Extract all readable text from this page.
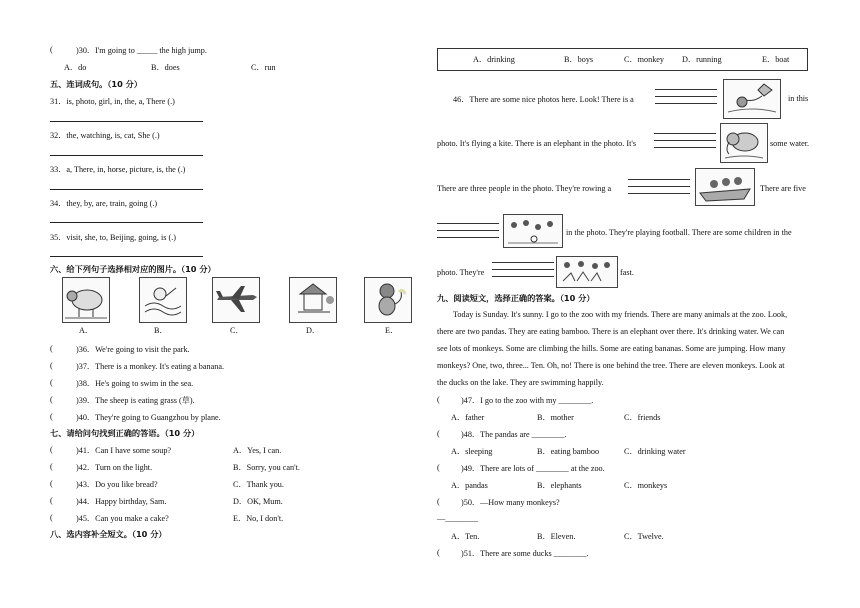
(	)30．I'm going to _____ the high jump.
A．do	B．does	C．run
五、连词成句。（10 分）
31．is, photo, girl, in, the, a, There (.)
32．the, watching, is, cat, She (.)
33．a, There, in, horse, picture, is, the (.)
34．they, by, are, train, going (.)
35．visit, she, to, Beijing, going, is (.)
六、给下列句子选择相对应的图片。（10 分）
A．	B．	C．	D．	E．
(	)36．We're going to visit the park.
(	)37．There is a monkey. It's eating a banana.
(	)38．He's going to swim in the sea.
(	)39．The sheep is eating grass (草).
(	)40．They're going to Guangzhou by plane.
七、请给问句找到正确的答语。（10 分）
(	)41．Can I have some soup?	A．Yes, I can.
(	)42．Turn on the light.	B．Sorry, you can't.
(	)43．Do you like bread?	C．Thank you.
(	)44．Happy birthday, Sam.	D．OK, Mum.
(	)45．Can you make a cake?	E．No, I don't.
八、选内容补全短文。（10 分）
A．drinking	B．boys	C．monkey D．running	E．boat
46．There are some nice photos here. Look! There is a	in this
photo. It's flying a kite. There is an elephant in the photo. It's	some water.
There are three people in the photo. They're rowing a	There are five
in the photo. They're playing football. There are some children in the
photo. They're	fast.
九、阅读短文，选择正确的答案。（10 分）
Today is Sunday. It's sunny. I go to the zoo with my friends. There are many animals at the zoo. Look,
there are two pandas. They are eating bamboo. There is an elephant over there. It's drinking water. We can
see lots of monkeys. Some are climbing the hills. Some are eating bananas. Some are jumping. How many
monkeys? One, two, three... Ten. Oh, no! There is one behind the tree. There are eleven monkeys. Look at
the ducks on the lake. They are swimming happily.
(	)47．I go to the zoo with my ________.
A．father	B．mother	C．friends
(	)48．The pandas are ________.
A．sleeping	B．eating bamboo	C．drinking water
(	)49．There are lots of ________ at the zoo.
A．pandas	B．elephants	C．monkeys
(	)50．—How many monkeys?
—________
A．Ten.	B．Eleven.	C．Twelve.
(	)51．There are some ducks ________.
